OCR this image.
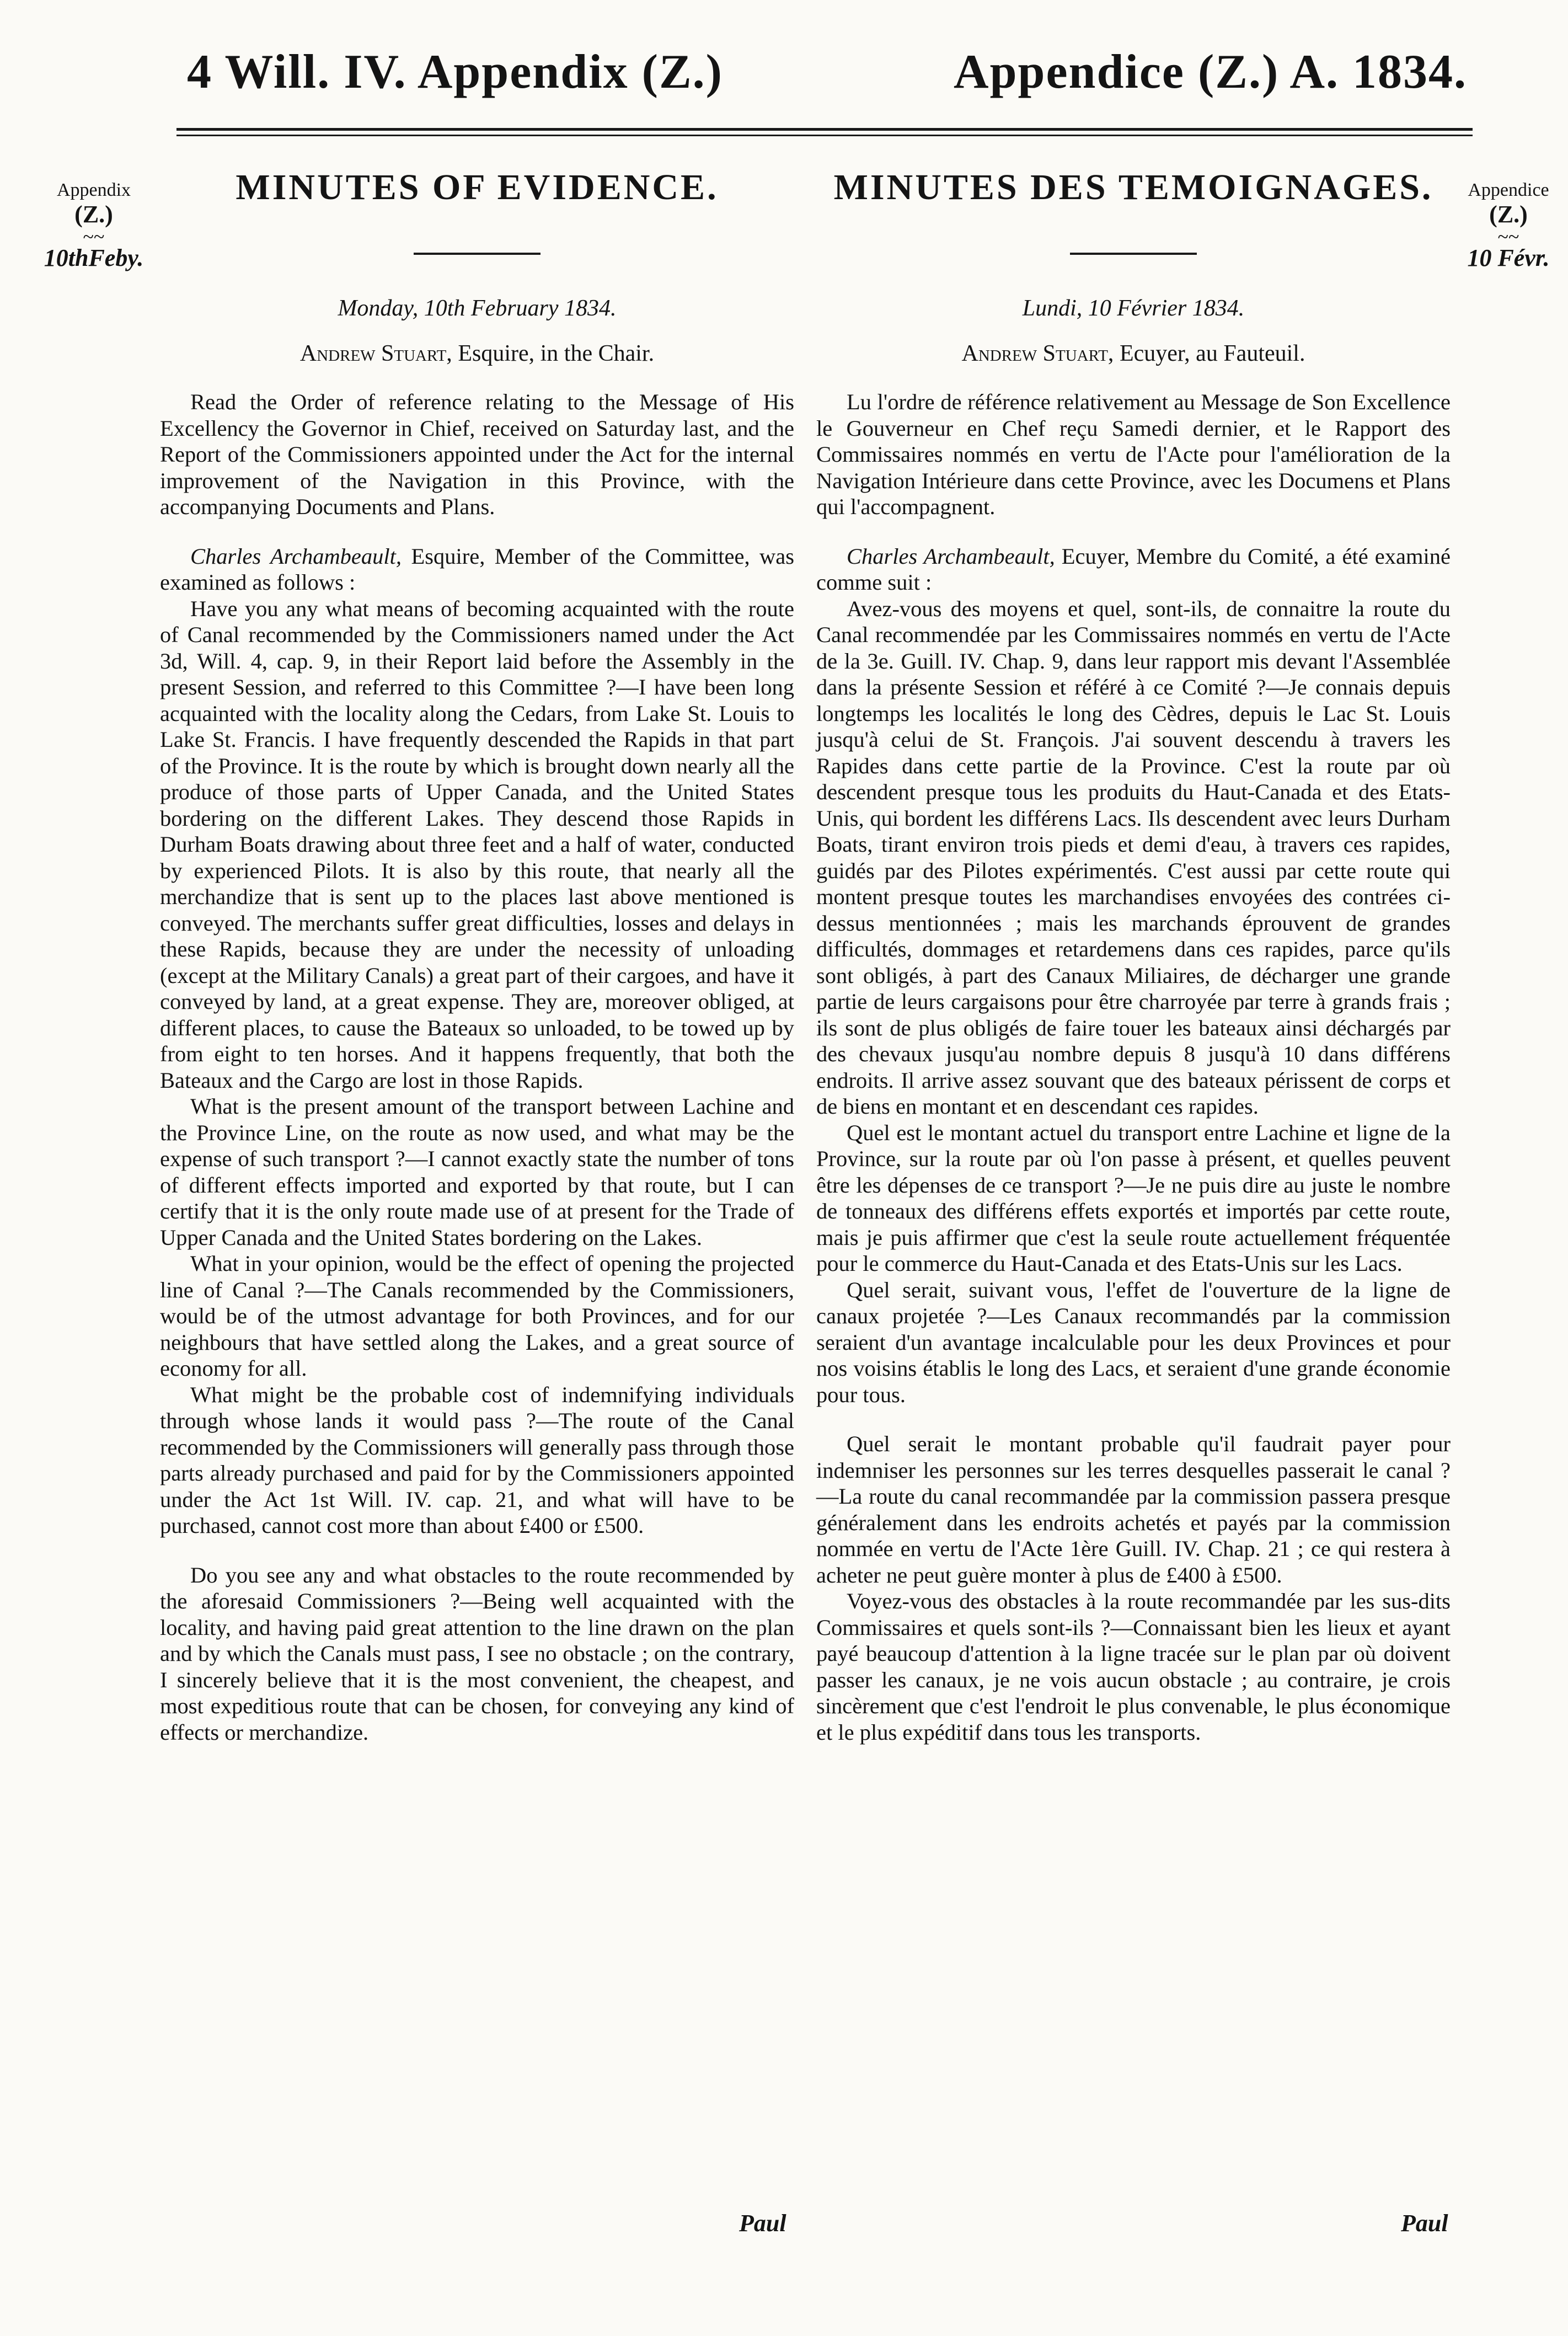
4 Will. IV. Appendix (Z.)	Appendice (Z.) A. 1834.
Appendix
(Z.)
~~
10thFeby.
Appendice
(Z.)
~~
10 Févr.
MINUTES OF EVIDENCE.
Monday, 10th February 1834.
Andrew Stuart, Esquire, in the Chair.

Read the Order of reference relating to the Message of His Excellency the Governor in Chief, received on Saturday last, and the Report of the Commissioners appointed under the Act for the internal improvement of the Navigation in this Province, with the accompanying Documents and Plans.

Charles Archambeault, Esquire, Member of the Committee, was examined as follows :

Have you any what means of becoming acquainted with the route of Canal recommended by the Commissioners named under the Act 3d, Will. 4, cap. 9, in their Report laid before the Assembly in the present Session, and referred to this Committee ?—I have been long acquainted with the locality along the Cedars, from Lake St. Louis to Lake St. Francis. I have frequently descended the Rapids in that part of the Province. It is the route by which is brought down nearly all the produce of those parts of Upper Canada, and the United States bordering on the different Lakes. They descend those Rapids in Durham Boats drawing about three feet and a half of water, conducted by experienced Pilots. It is also by this route, that nearly all the merchandize that is sent up to the places last above mentioned is conveyed. The merchants suffer great difficulties, losses and delays in these Rapids, because they are under the necessity of unloading (except at the Military Canals) a great part of their cargoes, and have it conveyed by land, at a great expense. They are, moreover obliged, at different places, to cause the Bateaux so unloaded, to be towed up by from eight to ten horses. And it happens frequently, that both the Bateaux and the Cargo are lost in those Rapids.

What is the present amount of the transport between Lachine and the Province Line, on the route as now used, and what may be the expense of such transport ?—I cannot exactly state the number of tons of different effects imported and exported by that route, but I can certify that it is the only route made use of at present for the Trade of Upper Canada and the United States bordering on the Lakes.

What in your opinion, would be the effect of opening the projected line of Canal ?—The Canals recommended by the Commissioners, would be of the utmost advantage for both Provinces, and for our neighbours that have settled along the Lakes, and a great source of economy for all.

What might be the probable cost of indemnifying individuals through whose lands it would pass ?—The route of the Canal recommended by the Commissioners will generally pass through those parts already purchased and paid for by the Commissioners appointed under the Act 1st Will. IV. cap. 21, and what will have to be purchased, cannot cost more than about £400 or £500.

Do you see any and what obstacles to the route recommended by the aforesaid Commissioners ?—Being well acquainted with the locality, and having paid great attention to the line drawn on the plan and by which the Canals must pass, I see no obstacle ; on the contrary, I sincerely believe that it is the most convenient, the cheapest, and most expeditious route that can be chosen, for conveying any kind of effects or merchandize.

Paul
MINUTES DES TEMOIGNAGES.
Lundi, 10 Février 1834.
Andrew Stuart, Ecuyer, au Fauteuil.

Lu l'ordre de référence relativement au Message de Son Excellence le Gouverneur en Chef reçu Samedi dernier, et le Rapport des Commissaires nommés en vertu de l'Acte pour l'amélioration de la Navigation Intérieure dans cette Province, avec les Documens et Plans qui l'accompagnent.

Charles Archambeault, Ecuyer, Membre du Comité, a été examiné comme suit :

Avez-vous des moyens et quel, sont-ils, de connaitre la route du Canal recommendée par les Commissaires nommés en vertu de l'Acte de la 3e. Guill. IV. Chap. 9, dans leur rapport mis devant l'Assemblée dans la présente Session et référé à ce Comité ?—Je connais depuis longtemps les localités le long des Cèdres, depuis le Lac St. Louis jusqu'à celui de St. François. J'ai souvent descendu à travers les Rapides dans cette partie de la Province. C'est la route par où descendent presque tous les produits du Haut-Canada et des Etats-Unis, qui bordent les différens Lacs. Ils descendent avec leurs Durham Boats, tirant environ trois pieds et demi d'eau, à travers ces rapides, guidés par des Pilotes expérimentés. C'est aussi par cette route qui montent presque toutes les marchandises envoyées des contrées ci-dessus mentionnées ; mais les marchands éprouvent de grandes difficultés, dommages et retardemens dans ces rapides, parce qu'ils sont obligés, à part des Canaux Miliaires, de décharger une grande partie de leurs cargaisons pour être charroyée par terre à grands frais ; ils sont de plus obligés de faire touer les bateaux ainsi déchargés par des chevaux jusqu'au nombre depuis 8 jusqu'à 10 dans différens endroits. Il arrive assez souvant que des bateaux périssent de corps et de biens en montant et en descendant ces rapides.

Quel est le montant actuel du transport entre Lachine et ligne de la Province, sur la route par où l'on passe à présent, et quelles peuvent être les dépenses de ce transport ?—Je ne puis dire au juste le nombre de tonneaux des différens effets exportés et importés par cette route, mais je puis affirmer que c'est la seule route actuellement fréquentée pour le commerce du Haut-Canada et des Etats-Unis sur les Lacs.

Quel serait, suivant vous, l'effet de l'ouverture de la ligne de canaux projetée ?—Les Canaux recommandés par la commission seraient d'un avantage incalculable pour les deux Provinces et pour nos voisins établis le long des Lacs, et seraient d'une grande économie pour tous.

Quel serait le montant probable qu'il faudrait payer pour indemniser les personnes sur les terres desquelles passerait le canal ?—La route du canal recommandée par la commission passera presque généralement dans les endroits achetés et payés par la commission nommée en vertu de l'Acte 1ère Guill. IV. Chap. 21 ; ce qui restera à acheter ne peut guère monter à plus de £400 à £500.

Voyez-vous des obstacles à la route recommandée par les sus-dits Commissaires et quels sont-ils ?—Connaissant bien les lieux et ayant payé beaucoup d'attention à la ligne tracée sur le plan par où doivent passer les canaux, je ne vois aucun obstacle ; au contraire, je crois sincèrement que c'est l'endroit le plus convenable, le plus économique et le plus expéditif dans tous les transports.

Paul
